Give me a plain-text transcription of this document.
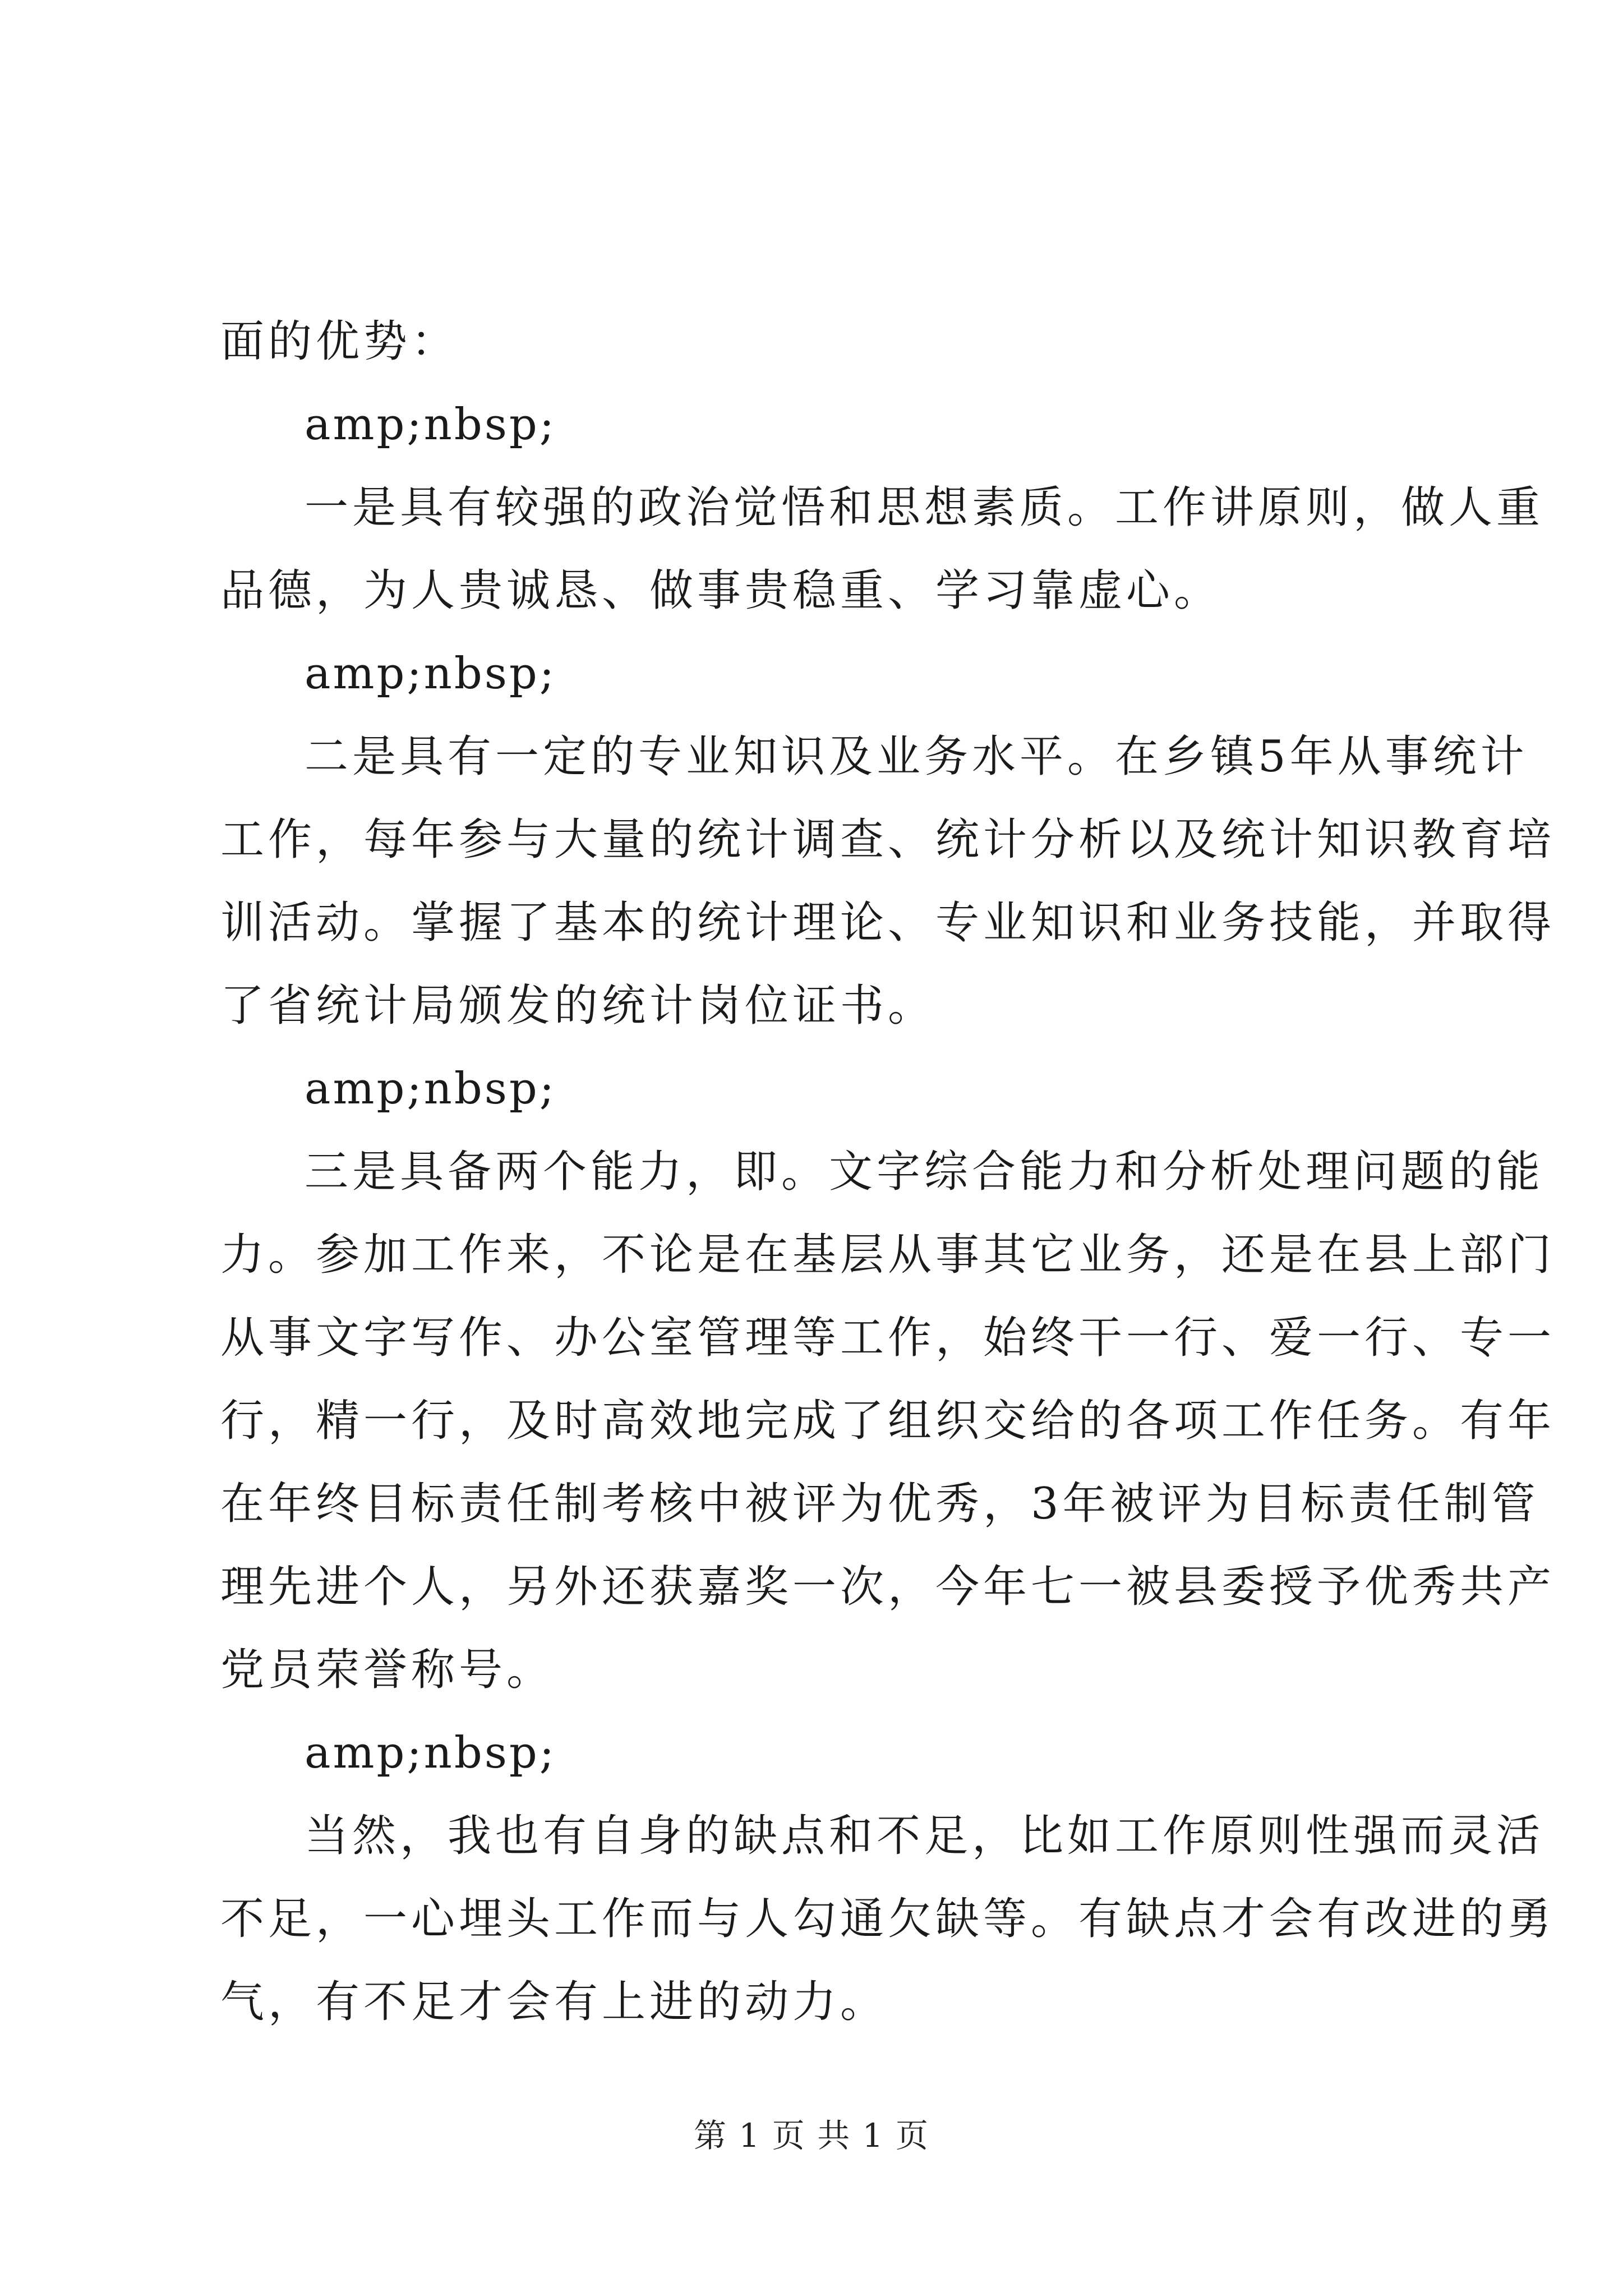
面的优势：
amp;nbsp;
一是具有较强的政治觉悟和思想素质。工作讲原则，做人重
品德，为人贵诚恳、做事贵稳重、学习靠虚心。
amp;nbsp;
二是具有一定的专业知识及业务水平。在乡镇5年从事统计
工作，每年参与大量的统计调查、统计分析以及统计知识教育培
训活动。掌握了基本的统计理论、专业知识和业务技能，并取得
了省统计局颁发的统计岗位证书。
amp;nbsp;
三是具备两个能力，即。文字综合能力和分析处理问题的能
力。参加工作来，不论是在基层从事其它业务，还是在县上部门
从事文字写作、办公室管理等工作，始终干一行、爱一行、专一
行，精一行，及时高效地完成了组织交给的各项工作任务。有年
在年终目标责任制考核中被评为优秀，3年被评为目标责任制管
理先进个人，另外还获嘉奖一次，今年七一被县委授予优秀共产
党员荣誉称号。
amp;nbsp;
当然，我也有自身的缺点和不足，比如工作原则性强而灵活
不足，一心埋头工作而与人勾通欠缺等。有缺点才会有改进的勇
气，有不足才会有上进的动力。
第 1 页 共 1 页
